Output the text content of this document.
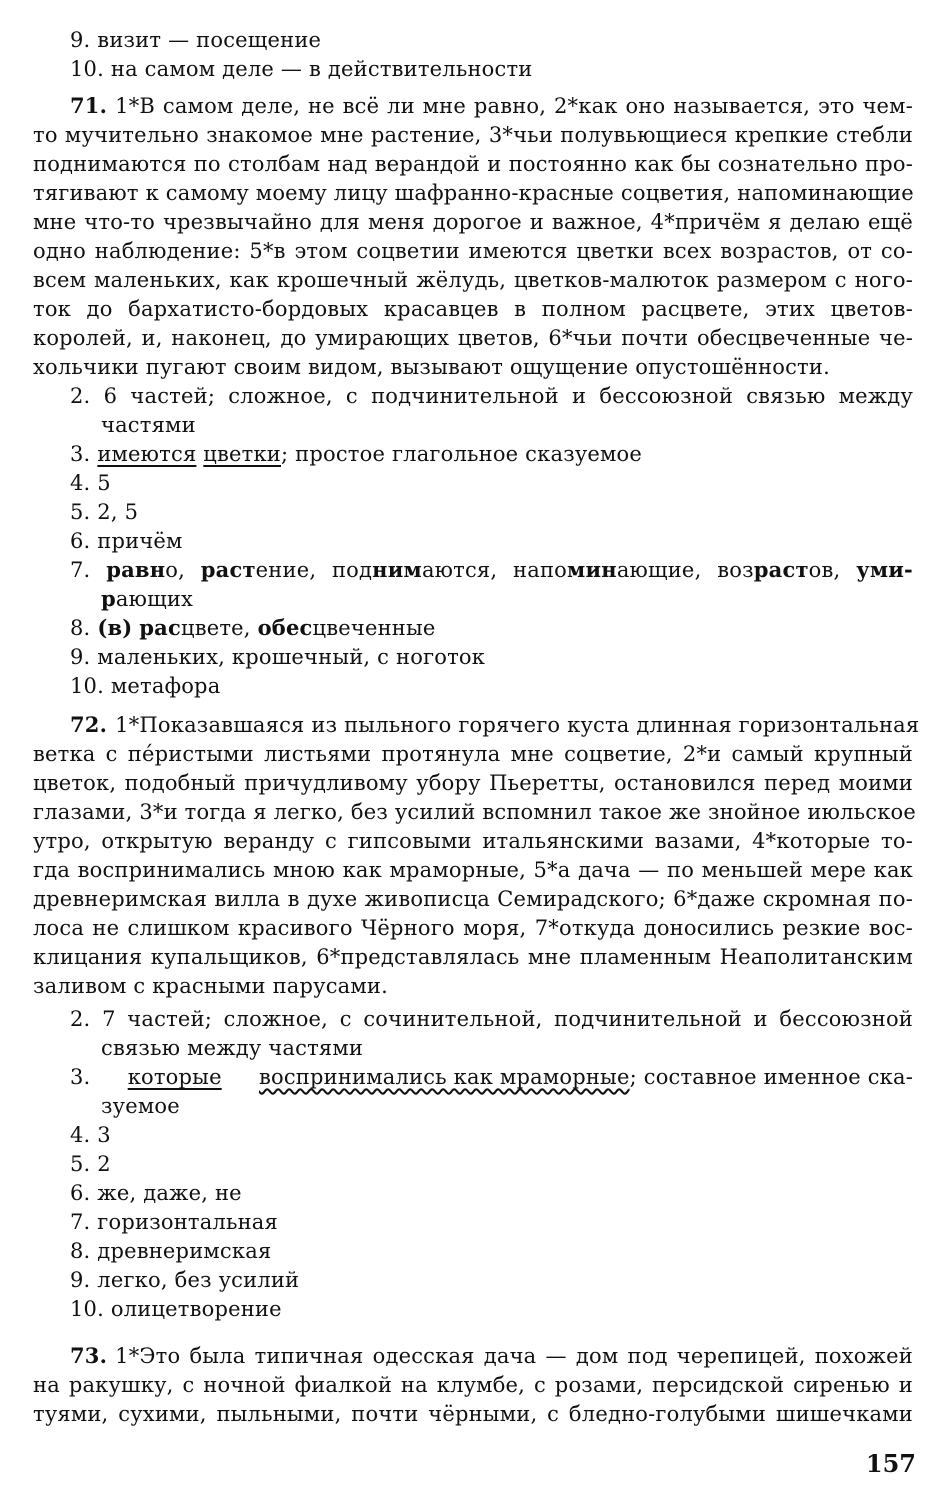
9. визит — посещение
10. на самом деле — в действительности
71. 1*В самом деле, не всё ли мне равно, 2*как оно называется, это чем-
то мучительно знакомое мне растение, 3*чьи полувьющиеся крепкие стебли
поднимаются по столбам над верандой и постоянно как бы сознательно про-
тягивают к самому моему лицу шафранно-красные соцветия, напоминающие
мне что-то чрезвычайно для меня дорогое и важное, 4*причём я делаю ещё
одно наблюдение: 5*в этом соцветии имеются цветки всех возрастов, от со-
всем маленьких, как крошечный жёлудь, цветков-малюток размером с ного-
ток до бархатисто-бордовых красавцев в полном расцвете, этих цветов-
королей, и, наконец, до умирающих цветов, 6*чьи почти обесцвеченные че-
хольчики пугают своим видом, вызывают ощущение опустошённости.
2. 6 частей; сложное, с подчинительной и бессоюзной связью между
частями
3. имеются цветки; простое глагольное сказуемое
4. 5
5. 2, 5
6. причём
7. равно, растение, поднимаются, напоминающие, возрастов, уми-
рающих
8. (в) расцвете, обесцвеченные
9. маленьких, крошечный, с ноготок
10. метафора
72. 1*Показавшаяся из пыльного горячего куста длинная горизонтальная
ветка с пéристыми листьями протянула мне соцветие, 2*и самый крупный
цветок, подобный причудливому убору Пьеретты, остановился перед моими
глазами, 3*и тогда я легко, без усилий вспомнил такое же знойное июльское
утро, открытую веранду с гипсовыми итальянскими вазами, 4*которые то-
гда воспринимались мною как мраморные, 5*а дача — по меньшей мере как
древнеримская вилла в духе живописца Семирадского; 6*даже скромная по-
лоса не слишком красивого Чёрного моря, 7*откуда доносились резкие вос-
клицания купальщиков, 6*представлялась мне пламенным Неаполитанским
заливом с красными парусами.
2. 7 частей; сложное, с сочинительной, подчинительной и бессоюзной
связью между частями
3. которые воспринимались как мраморные; составное именное ска-
зуемое
4. 3
5. 2
6. же, даже, не
7. горизонтальная
8. древнеримская
9. легко, без усилий
10. олицетворение
73. 1*Это была типичная одесская дача — дом под черепицей, похожей
на ракушку, с ночной фиалкой на клумбе, с розами, персидской сиренью и
туями, сухими, пыльными, почти чёрными, с бледно-голубыми шишечками
157
